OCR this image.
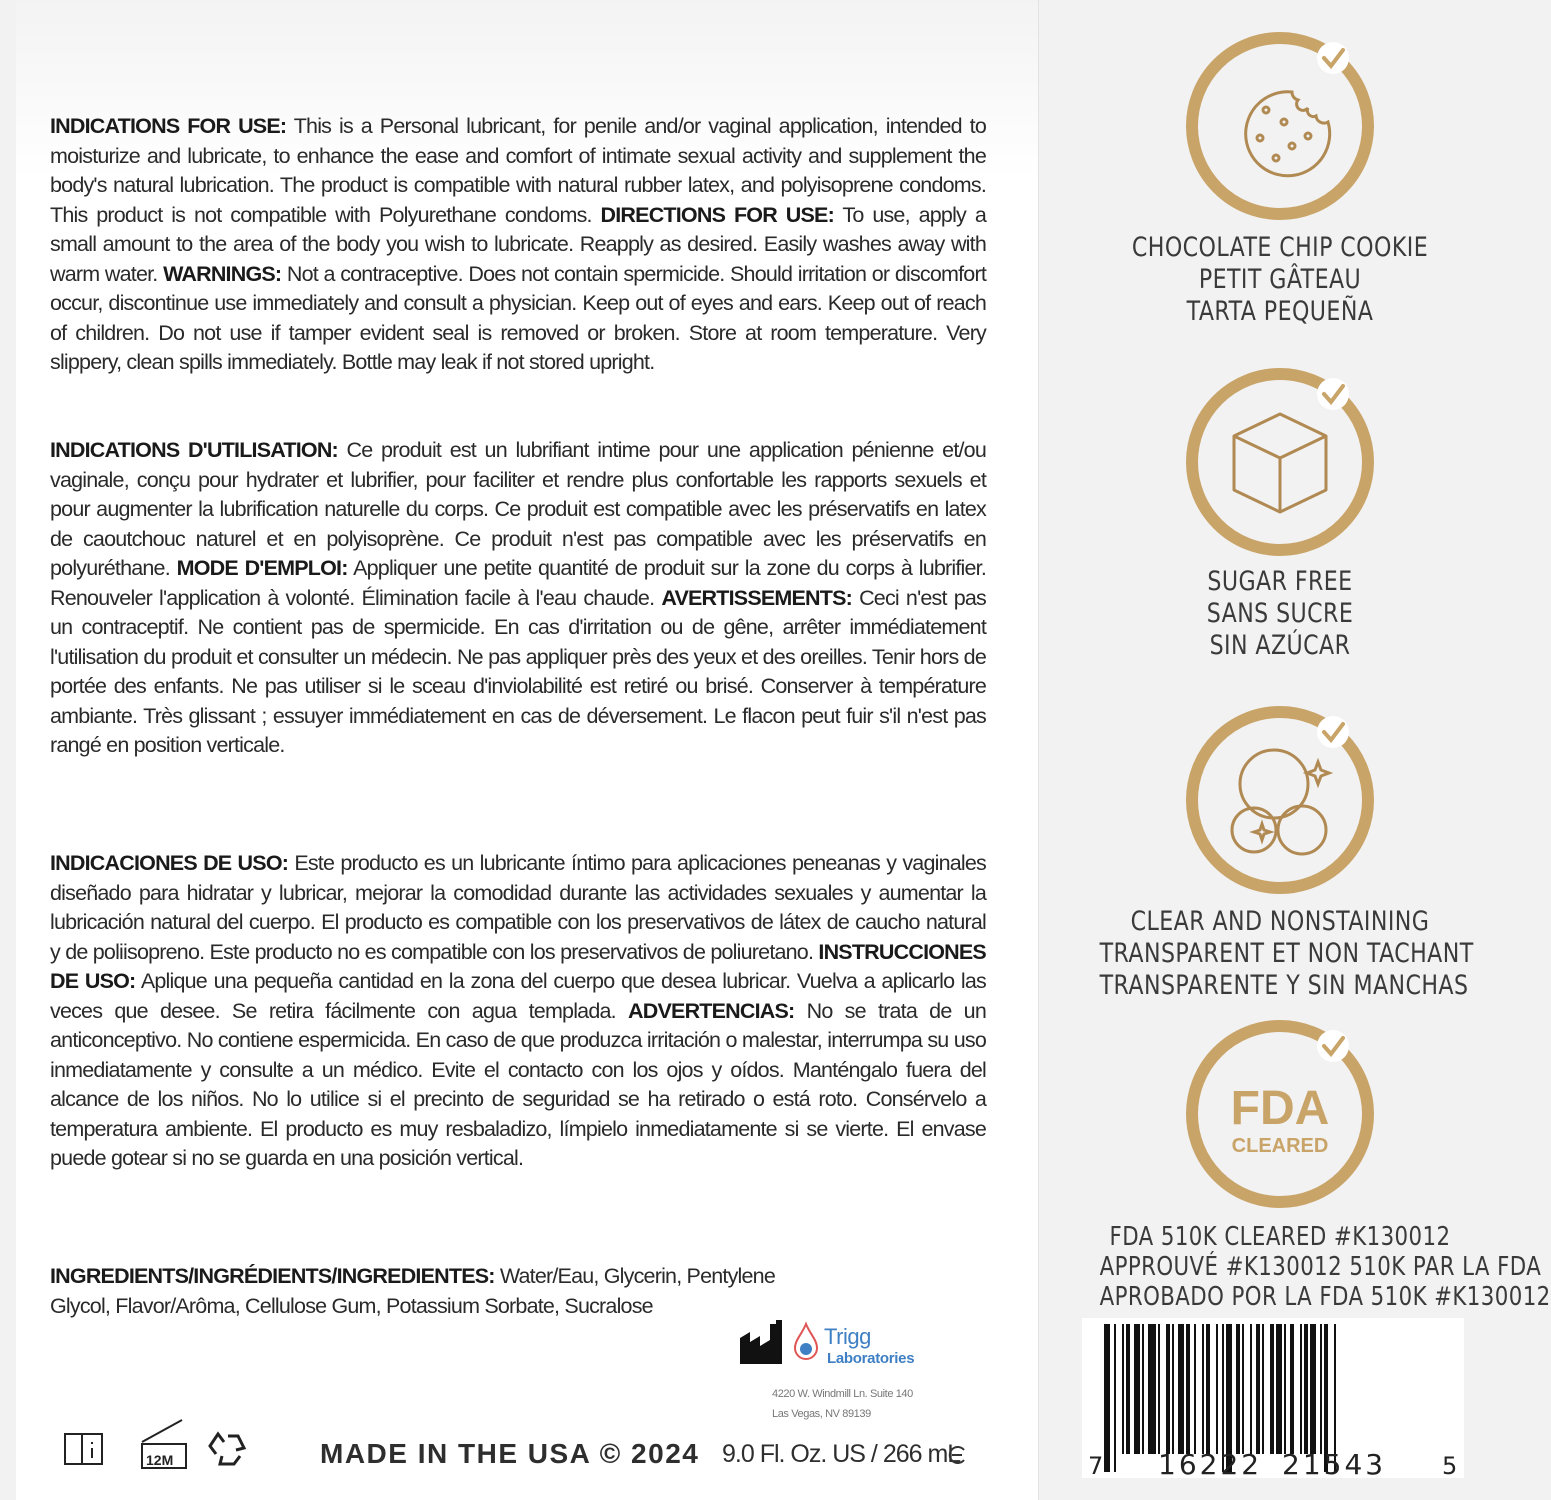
INDICATIONS FOR USE: This is a Personal lubricant, for penile and/or vaginal application, intended to moisturize and lubricate, to enhance the ease and comfort of intimate sexual activity and supplement the body's natural lubrication. The product is compatible with natural rubber latex, and polyisoprene condoms. This product is not compatible with Polyurethane condoms. DIRECTIONS FOR USE: To use, apply a small amount to the area of the body you wish to lubricate. Reapply as desired. Easily washes away with warm water. WARNINGS: Not a contraceptive. Does not contain spermicide. Should irritation or discomfort occur, discontinue use immediately and consult a physician. Keep out of eyes and ears. Keep out of reach of children. Do not use if tamper evident seal is removed or broken. Store at room temperature. Very slippery, clean spills immediately. Bottle may leak if not stored upright.
INDICATIONS D'UTILISATION: Ce produit est un lubrifiant intime pour une application pénienne et/ou vaginale, conçu pour hydrater et lubrifier, pour faciliter et rendre plus confortable les rapports sexuels et pour augmenter la lubrification naturelle du corps. Ce produit est compatible avec les préservatifs en latex de caoutchouc naturel et en polyisoprène. Ce produit n'est pas compatible avec les préservatifs en polyuréthane. MODE D'EMPLOI: Appliquer une petite quantité de produit sur la zone du corps à lubrifier. Renouveler l'application à volonté. Élimination facile à l'eau chaude. AVERTISSEMENTS: Ceci n'est pas un contraceptif. Ne contient pas de spermicide. En cas d'irritation ou de gêne, arrêter immédiatement l'utilisation du produit et consulter un médecin. Ne pas appliquer près des yeux et des oreilles. Tenir hors de portée des enfants. Ne pas utiliser si le sceau d'inviolabilité est retiré ou brisé. Conserver à température ambiante. Très glissant ; essuyer immédiatement en cas de déversement. Le flacon peut fuir s'il n'est pas rangé en position verticale.
INDICACIONES DE USO: Este producto es un lubricante íntimo para aplicaciones peneanas y vaginales diseñado para hidratar y lubricar, mejorar la comodidad durante las actividades sexuales y aumentar la lubricación natural del cuerpo. El producto es compatible con los preservativos de látex de caucho natural y de poliisopreno. Este producto no es compatible con los preservativos de poliuretano. INSTRUCCIONES DE USO: Aplique una pequeña cantidad en la zona del cuerpo que desea lubricar. Vuelva a aplicarlo las veces que desee. Se retira fácilmente con agua templada. ADVERTENCIAS: No se trata de un anticonceptivo. No contiene espermicida. En caso de que produzca irritación o malestar, interrumpa su uso inmediatamente y consulte a un médico. Evite el contacto con los ojos y oídos. Manténgalo fuera del alcance de los niños. No lo utilice si el precinto de seguridad se ha retirado o está roto. Consérvelo a temperatura ambiente. El producto es muy resbaladizo, límpielo inmediatamente si se vierte. El envase puede gotear si no se guarda en una posición vertical.
INGREDIENTS/INGRÉDIENTS/INGREDIENTES: Water/Eau, Glycerin, Pentylene Glycol, Flavor/Arôma, Cellulose Gum, Potassium Sorbate, Sucralose
Trigg
Laboratories
4220 W. Windmill Ln. Suite 140
Las Vegas, NV 89139
12M	MADE IN THE USA © 2024 9.0 Fl. Oz. US / 266 mL
CHOCOLATE CHIP COOKIE
PETIT GÂTEAU
TARTA PEQUEÑA
SUGAR FREE
SANS SUCRE
SIN AZÚCAR
CLEAR AND NONSTAINING
TRANSPARENT ET NON TACHANT
TRANSPARENTE Y SIN MANCHAS
FDA
CLEARED
FDA 510K CLEARED #K130012
APPROUVÉ #K130012 510K PAR LA FDA
APROBADO POR LA FDA 510K #K130012
7 16222 21543 5
